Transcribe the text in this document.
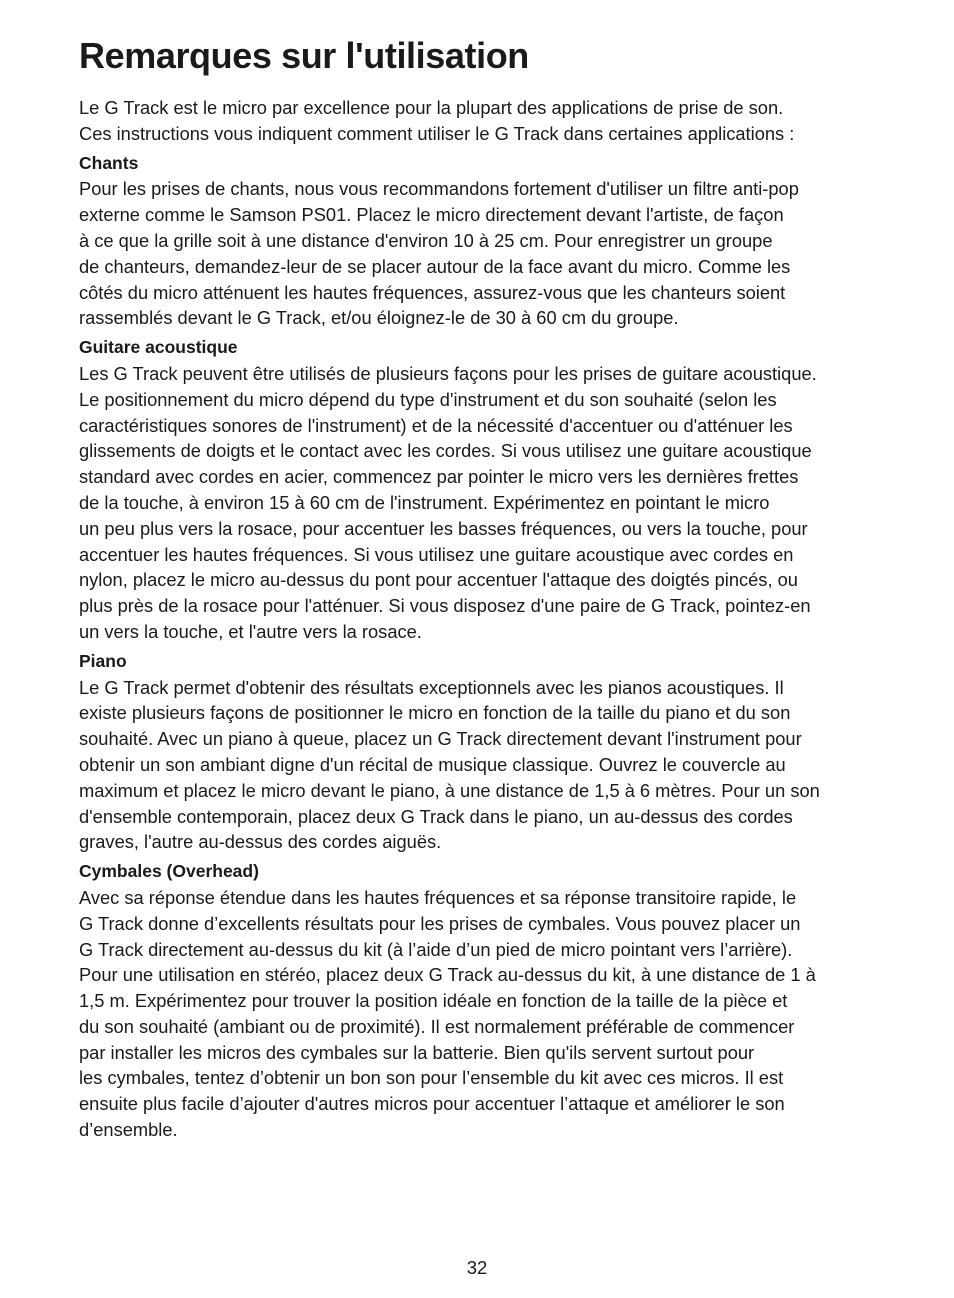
Remarques sur l'utilisation

Le G Track est le micro par excellence pour la plupart des applications de prise de son.
Ces instructions vous indiquent comment utiliser le G Track dans certaines applications :

Chants

Pour les prises de chants, nous vous recommandons fortement d'utiliser un filtre anti-pop
externe comme le Samson PS01. Placez le micro directement devant l'artiste, de façon
à ce que la grille soit à une distance d'environ 10 à 25 cm. Pour enregistrer un groupe
de chanteurs, demandez-leur de se placer autour de la face avant du micro. Comme les
côtés du micro atténuent les hautes fréquences, assurez-vous que les chanteurs soient
rassemblés devant le G Track, et/ou éloignez-le de 30 à 60 cm du groupe.

Guitare acoustique

Les G Track peuvent être utilisés de plusieurs façons pour les prises de guitare acoustique.
Le positionnement du micro dépend du type d'instrument et du son souhaité (selon les
caractéristiques sonores de l'instrument) et de la nécessité d'accentuer ou d'atténuer les
glissements de doigts et le contact avec les cordes. Si vous utilisez une guitare acoustique
standard avec cordes en acier, commencez par pointer le micro vers les dernières frettes
de la touche, à environ 15 à 60 cm de l'instrument. Expérimentez en pointant le micro
un peu plus vers la rosace, pour accentuer les basses fréquences, ou vers la touche, pour
accentuer les hautes fréquences. Si vous utilisez une guitare acoustique avec cordes en
nylon, placez le micro au-dessus du pont pour accentuer l'attaque des doigtés pincés, ou
plus près de la rosace pour l'atténuer. Si vous disposez d'une paire de G Track, pointez-en
un vers la touche, et l'autre vers la rosace.

Piano

Le G Track permet d'obtenir des résultats exceptionnels avec les pianos acoustiques. Il
existe plusieurs façons de positionner le micro en fonction de la taille du piano et du son
souhaité. Avec un piano à queue, placez un G Track directement devant l'instrument pour
obtenir un son ambiant digne d'un récital de musique classique. Ouvrez le couvercle au
maximum et placez le micro devant le piano, à une distance de 1,5 à 6 mètres. Pour un son
d'ensemble contemporain, placez deux G Track dans le piano, un au-dessus des cordes
graves, l'autre au-dessus des cordes aiguës.

Cymbales (Overhead)

Avec sa réponse étendue dans les hautes fréquences et sa réponse transitoire rapide, le
G Track donne d’excellents résultats pour les prises de cymbales. Vous pouvez placer un
G Track directement au-dessus du kit (à l’aide d’un pied de micro pointant vers l’arrière).
Pour une utilisation en stéréo, placez deux G Track au-dessus du kit, à une distance de 1 à
1,5 m. Expérimentez pour trouver la position idéale en fonction de la taille de la pièce et
du son souhaité (ambiant ou de proximité). Il est normalement préférable de commencer
par installer les micros des cymbales sur la batterie. Bien qu'ils servent surtout pour
les cymbales, tentez d’obtenir un bon son pour l’ensemble du kit avec ces micros. Il est
ensuite plus facile d’ajouter d'autres micros pour accentuer l’attaque et améliorer le son
d’ensemble.

32
